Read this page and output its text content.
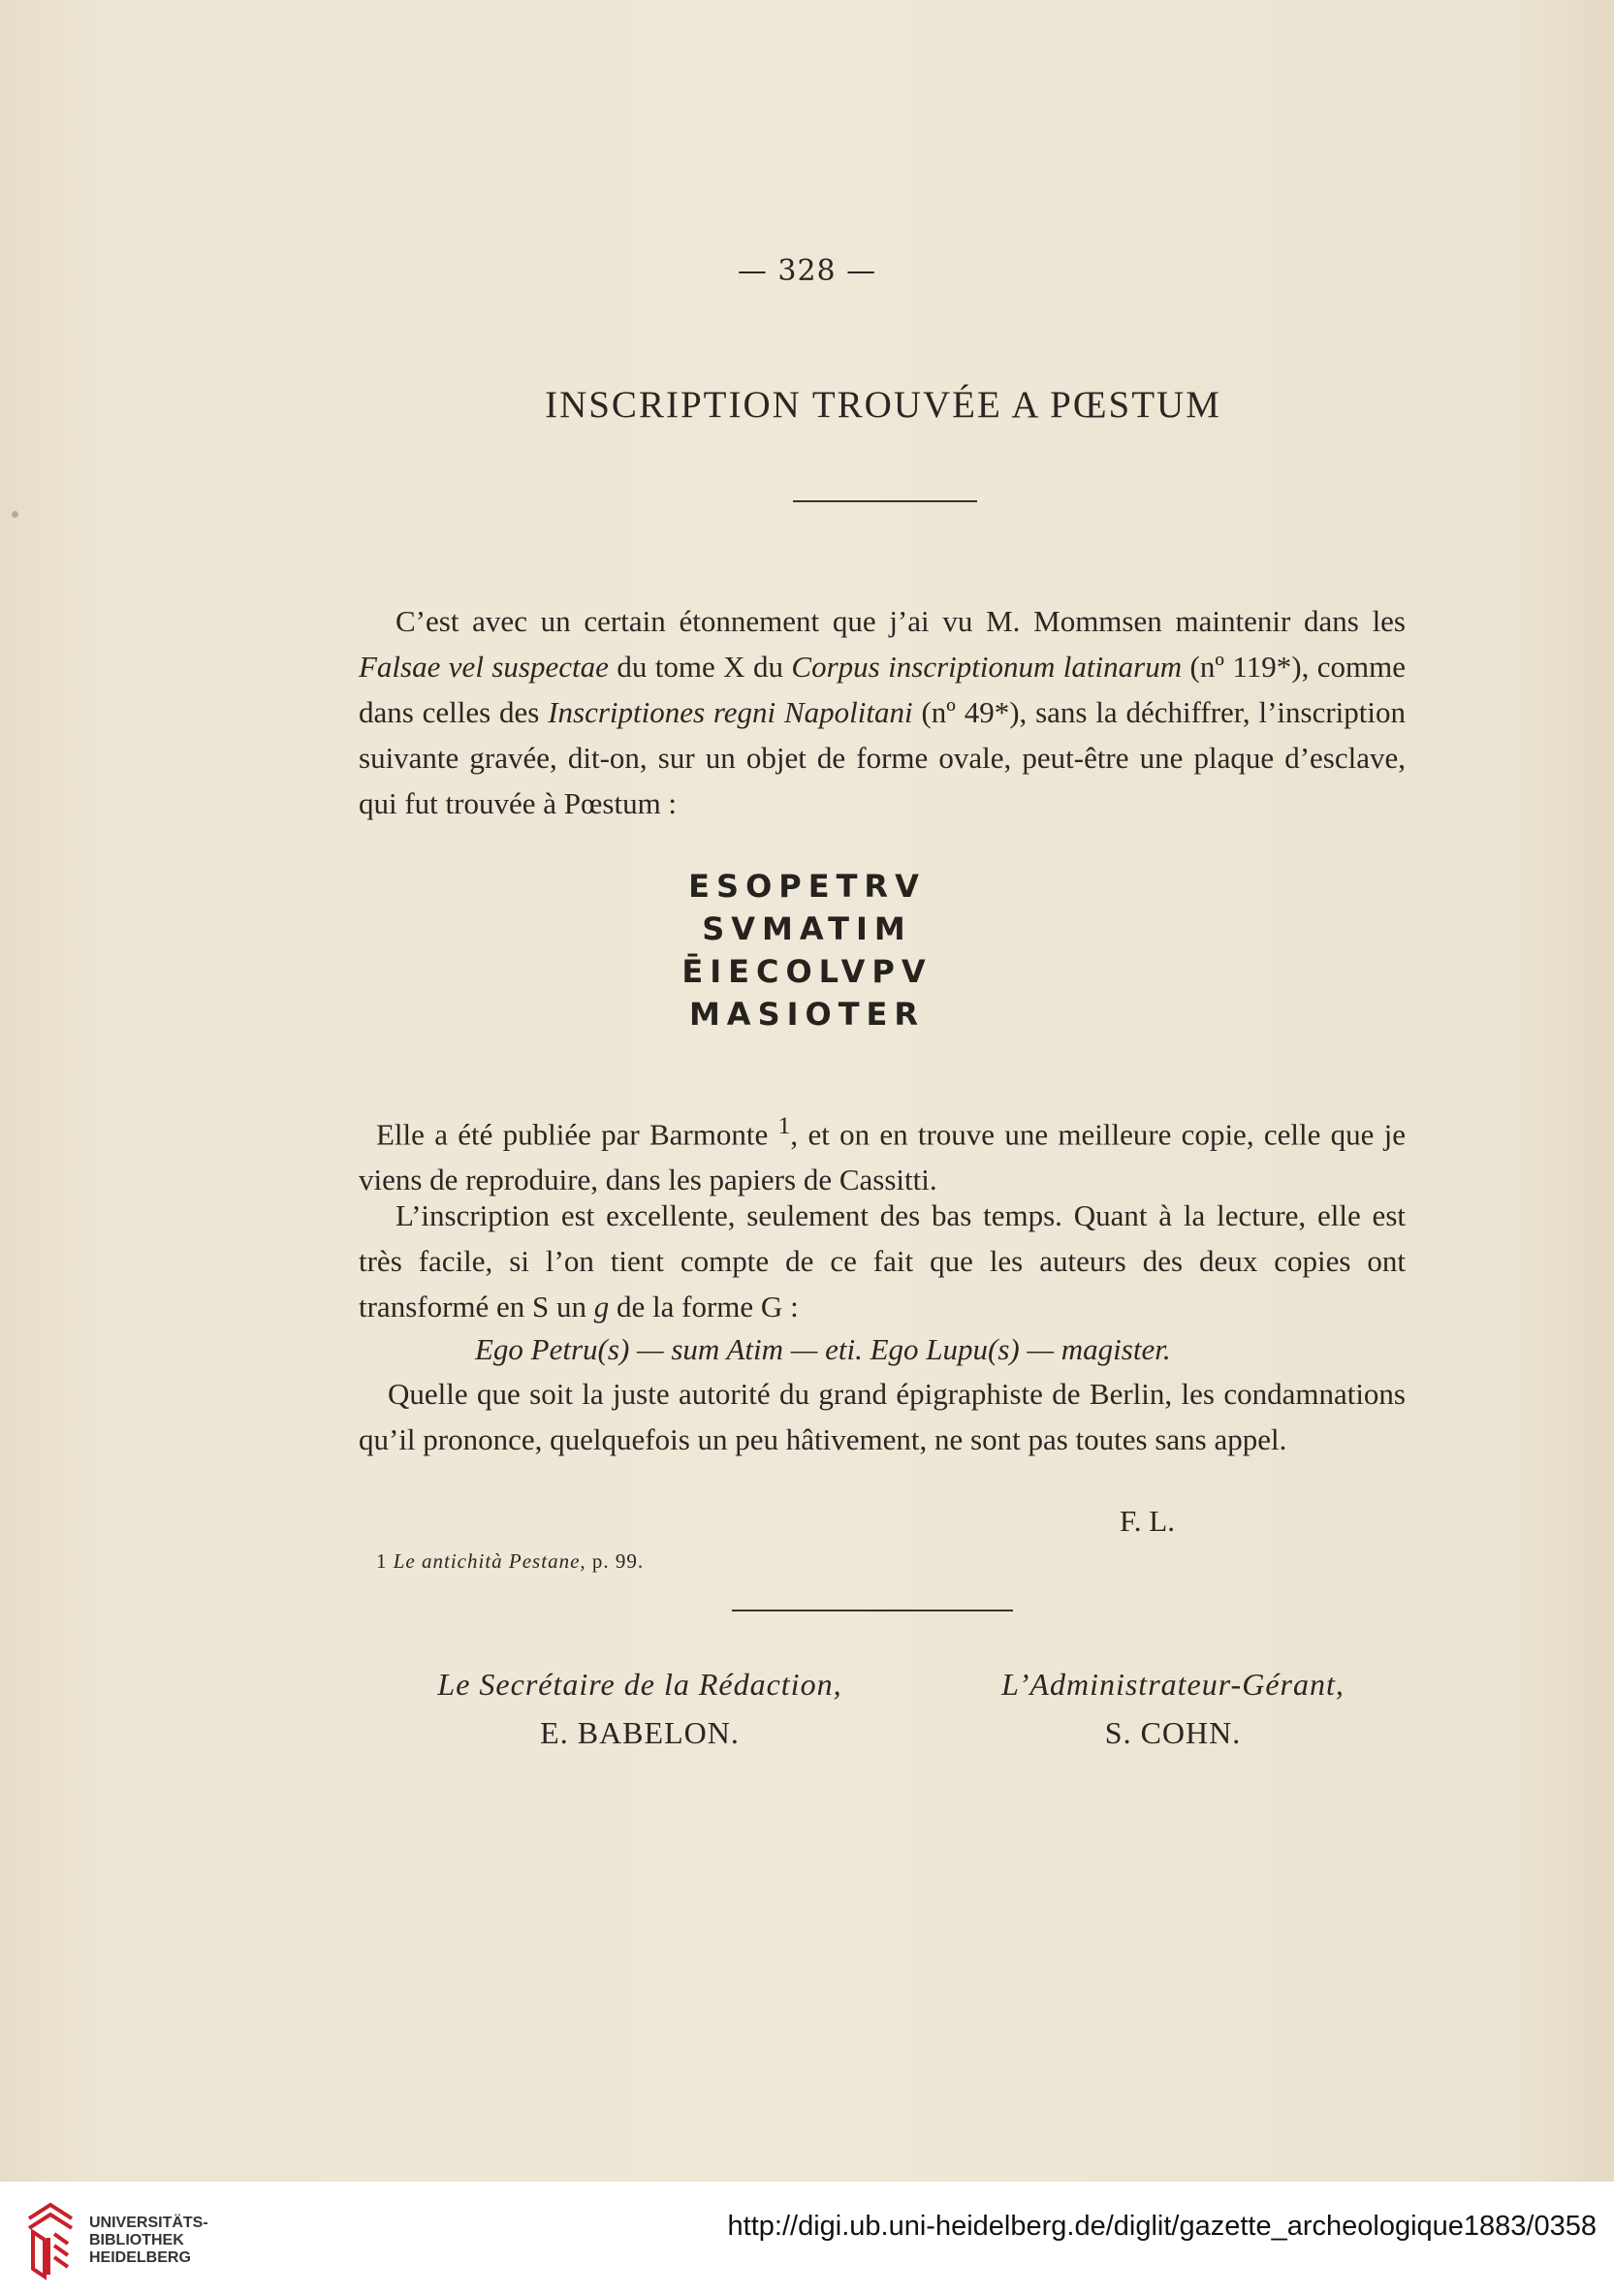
— 328 —
INSCRIPTION TROUVÉE A PŒSTUM

C’est avec un certain étonnement que j’ai vu M. Mommsen maintenir dans les Falsae vel suspectae du tome X du Corpus inscriptionum latinarum (nº 119*), comme dans celles des Inscriptiones regni Napolitani (nº 49*), sans la déchiffrer, l’inscription suivante gravée, dit-on, sur un objet de forme ovale, peut-être une plaque d’esclave, qui fut trouvée à Pœstum :

ESOPETRV
SVMATIM
ĒIECOLVPV
MASIOTER

Elle a été publiée par Barmonte $^1$, et on en trouve une meilleure copie, celle que je viens de reproduire, dans les papiers de Cassitti.

L’inscription est excellente, seulement des bas temps. Quant à la lecture, elle est très facile, si l’on tient compte de ce fait que les auteurs des deux copies ont transformé en S un g de la forme G :

Ego Petru(s) — sum Atim — eti. Ego Lupu(s) — magister.

Quelle que soit la juste autorité du grand épigraphiste de Berlin, les condamnations qu’il prononce, quelquefois un peu hâtivement, ne sont pas toutes sans appel.

F. L.

1 Le antichità Pestane, p. 99.
Le Secrétaire de la Rédaction,
E. BABELON.
L’Administrateur-Gérant,
S. COHN.
UNIVERSITÄTS-
BIBLIOTHEK
HEIDELBERG
http://digi.ub.uni-heidelberg.de/diglit/gazette_archeologique1883/0358
